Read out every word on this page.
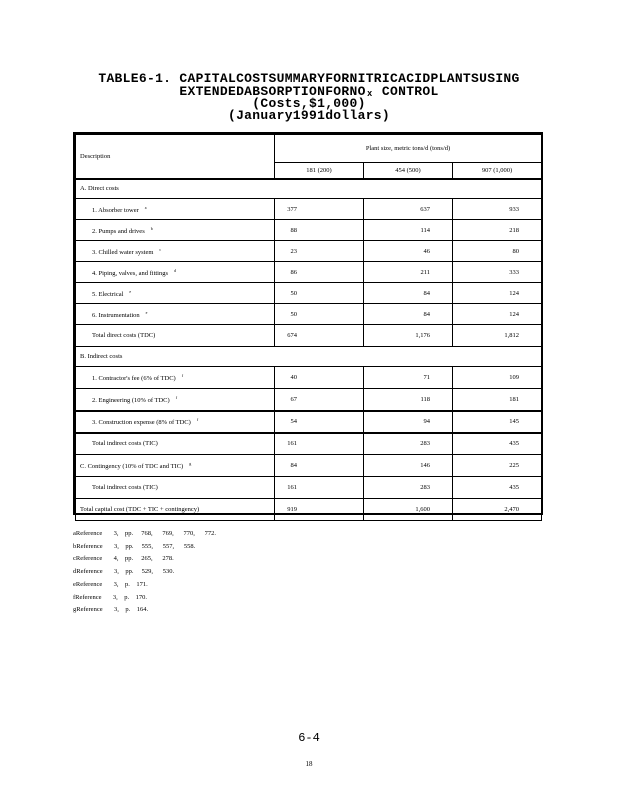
TABLE6-1. CAPITALCOSTSUMMARYFORNITRICACIDPLANTSUSING
EXTENDEDABSORPTIONFORNOₓ CONTROL
(Costs,$1,000)
(January1991dollars)
Description	Plant size, metric tons/d (tons/d)		
	181 (200)	454 (500)	907 (1,000)
A. Direct costs			
1. Absorber tower $^a$	377	637	933
2. Pumps and drives $^b$	88	114	218
3. Chilled water system $^c$	23	46	80
4. Piping, valves, and fittings $^d$	86	211	333
5. Electrical $^e$	50	84	124
6. Instrumentation $^e$	50	84	124
Total direct costs (TDC)	674	1,176	1,812
B. Indirect costs			
1. Contractor's fee (6% of TDC) $^f$	40	71	109
2. Engineering (10% of TDC) $^f$	67	118	181
3. Construction expense (8% of TDC) $^f$	54	94	145
Total indirect costs (TIC)	161	283	435
C. Contingency (10% of TDC and TIC) $^g$	84	146	225
Total indirect costs (TIC)	161	283	435
Total capital cost (TDC + TIC + contingency)	919	1,600	2,470
aReference       3,    pp.     768,      769,      770,      772.
bReference       3,    pp.     555,      557,      558.
cReference       4,    pp.     265,      278.
dReference       3,    pp.     529,      530.
eReference       3,    p.    171.
fReference       3,    p.    170.
gReference       3,    p.    164.
6-4
18
